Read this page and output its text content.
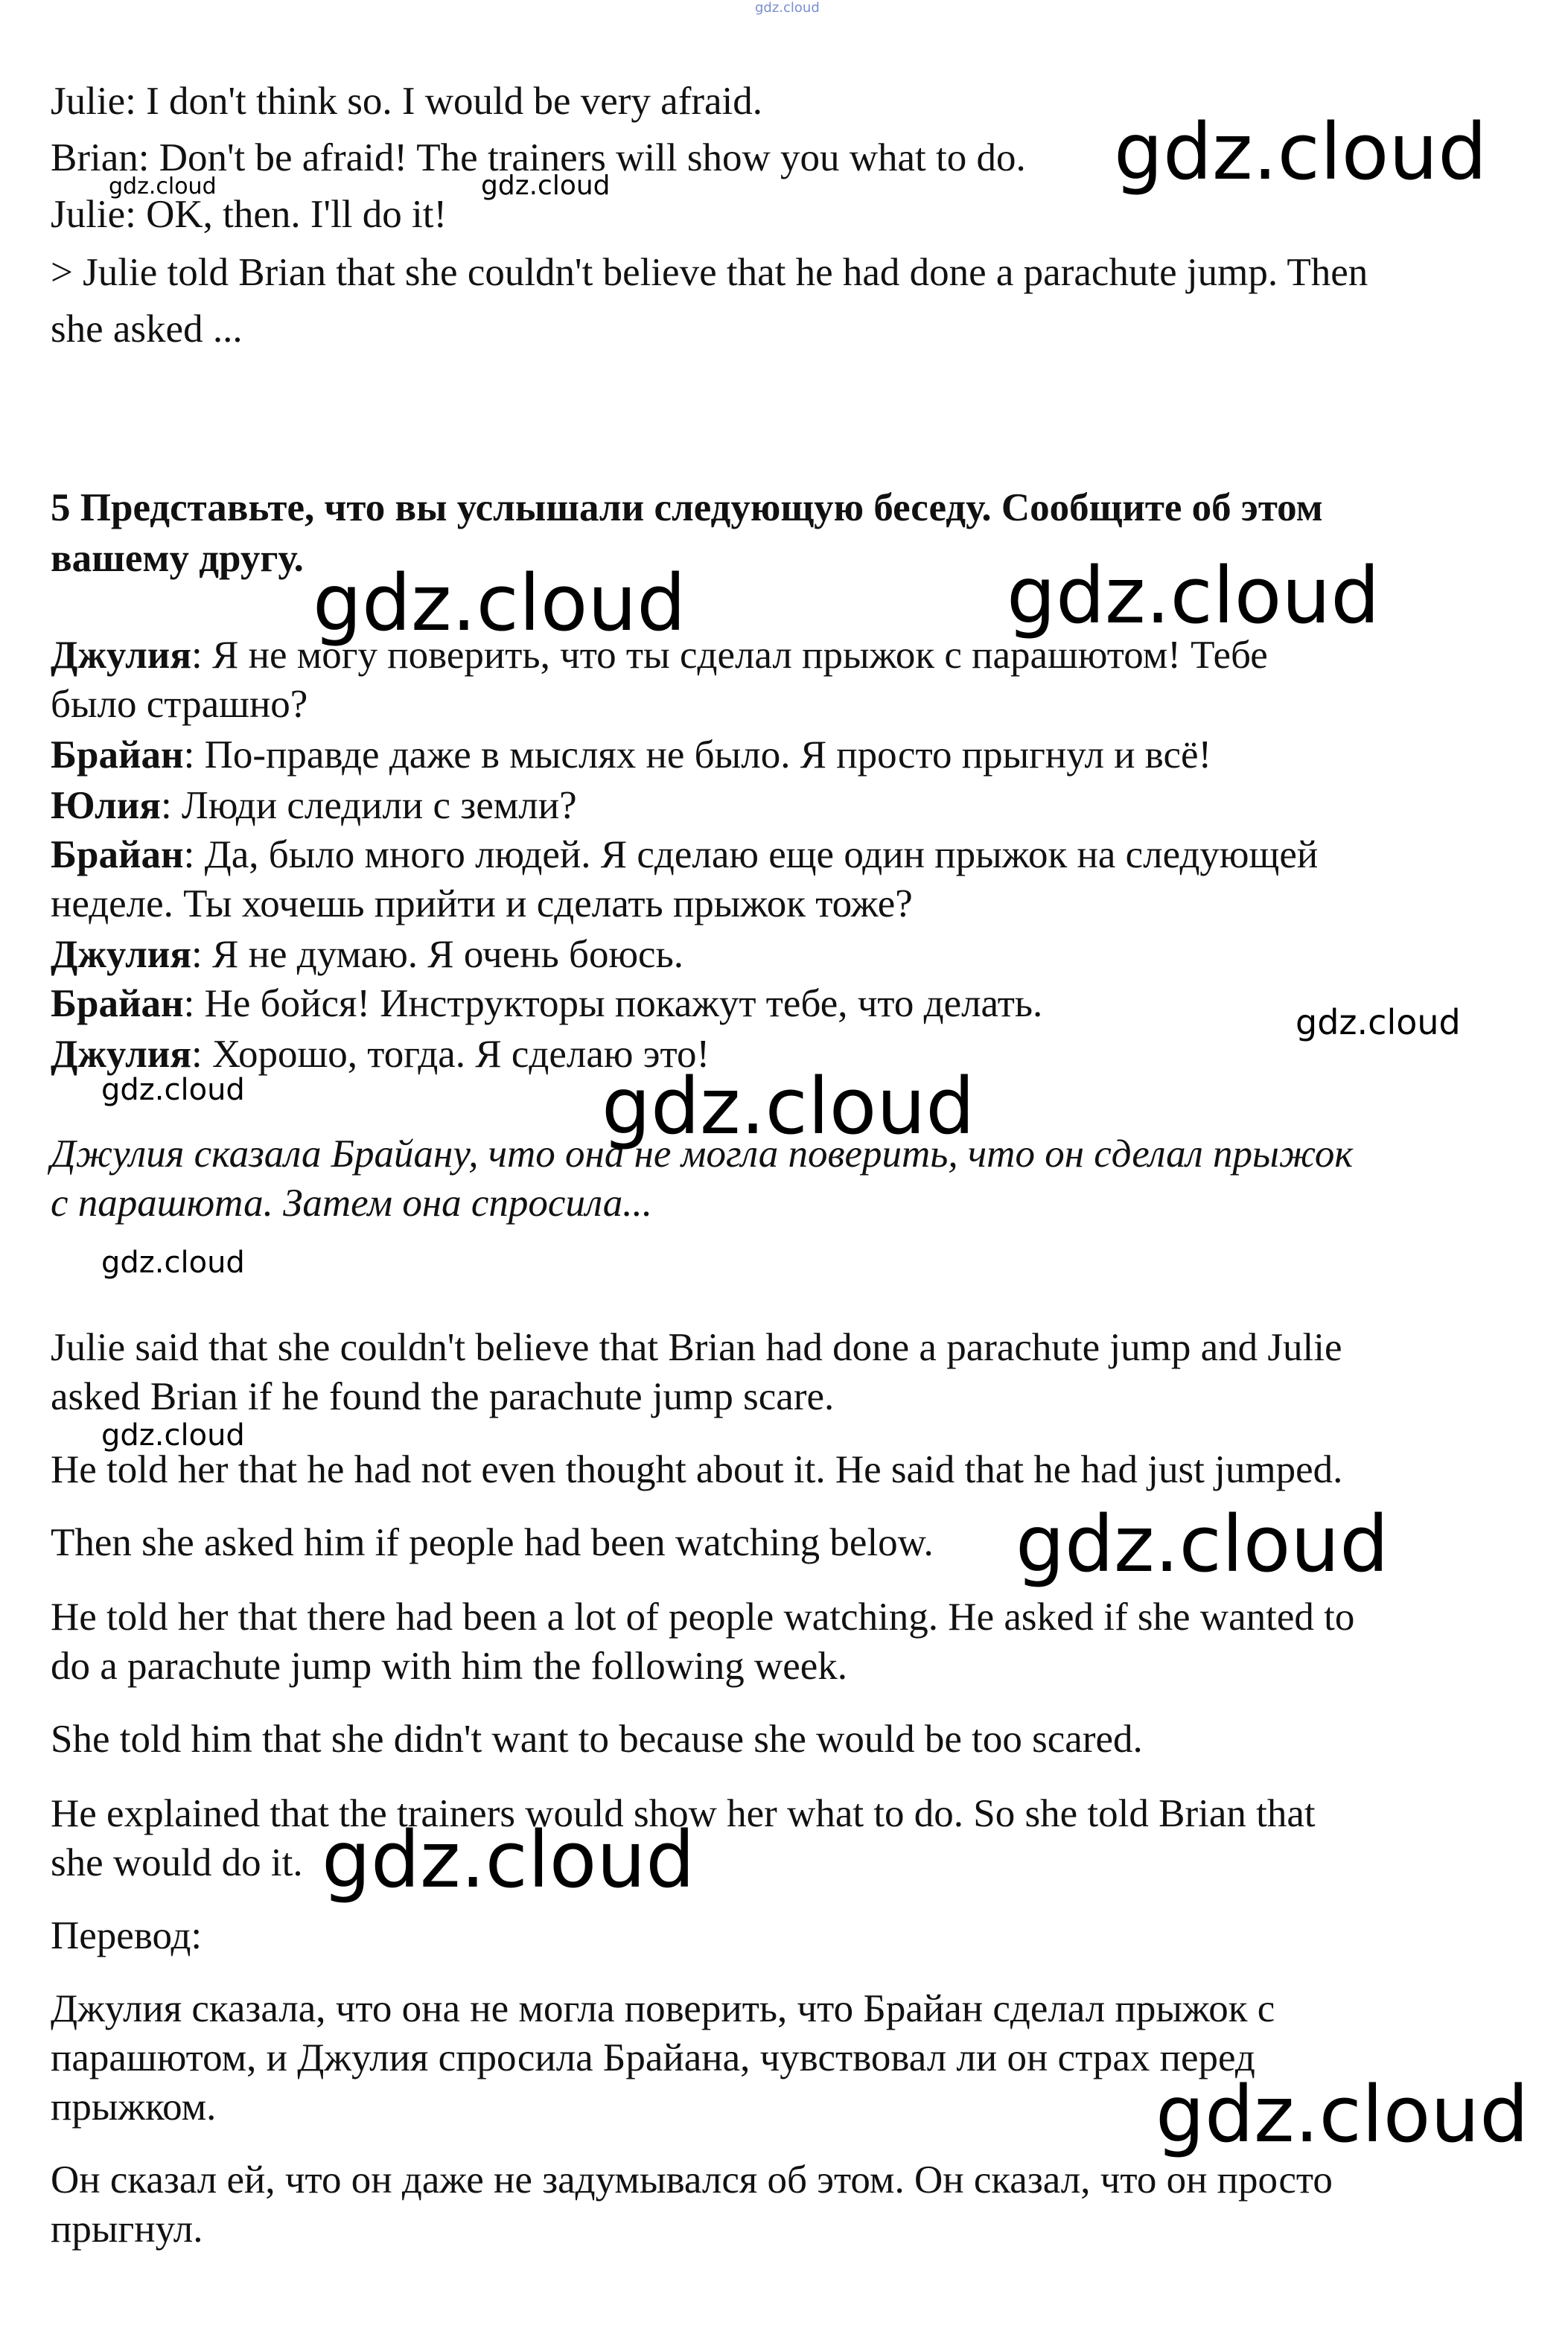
gdz.cloud
Julie: I don't think so. I would be very afraid.
Brian: Don't be afraid! The trainers will show you what to do.
Julie: OK, then. I'll do it!
> Julie told Brian that she couldn't believe that he had done a parachute jump. Then
she asked ...
5 Представьте, что вы услышали следующую беседу. Сообщите об этом
вашему другу.
Джулия: Я не могу поверить, что ты сделал прыжок с парашютом! Тебе
было страшно?
Брайан: По-правде даже в мыслях не было. Я просто прыгнул и всё!
Юлия: Люди следили с земли?
Брайан: Да, было много людей. Я сделаю еще один прыжок на следующей
неделе. Ты хочешь прийти и сделать прыжок тоже?
Джулия: Я не думаю. Я очень боюсь.
Брайан: Не бойся! Инструкторы покажут тебе, что делать.
Джулия: Хорошо, тогда. Я сделаю это!
Джулия сказала Брайану, что она не могла поверить, что он сделал прыжок
с парашюта. Затем она спросила...
Julie said that she couldn't believe that Brian had done a parachute jump and Julie
asked Brian if he found the parachute jump scare.
He told her that he had not even thought about it. He said that he had just jumped.
Then she asked him if people had been watching below.
He told her that there had been a lot of people watching. He asked if she wanted to
do a parachute jump with him the following week.
She told him that she didn't want to because she would be too scared.
He explained that the trainers would show her what to do. So she told Brian that
she would do it.
Перевод:
Джулия сказала, что она не могла поверить, что Брайан сделал прыжок с
парашютом, и Джулия спросила Брайана, чувствовал ли он страх перед
прыжком.
Он сказал ей, что он даже не задумывался об этом. Он сказал, что он просто
прыгнул.
gdz.cloud
gdz.cloud	gdz.cloud
gdz.cloud	gdz.cloud
gdz.cloud
gdz.cloud	gdz.cloud
gdz.cloud
gdz.cloud
gdz.cloud
gdz.cloud
gdz.cloud
